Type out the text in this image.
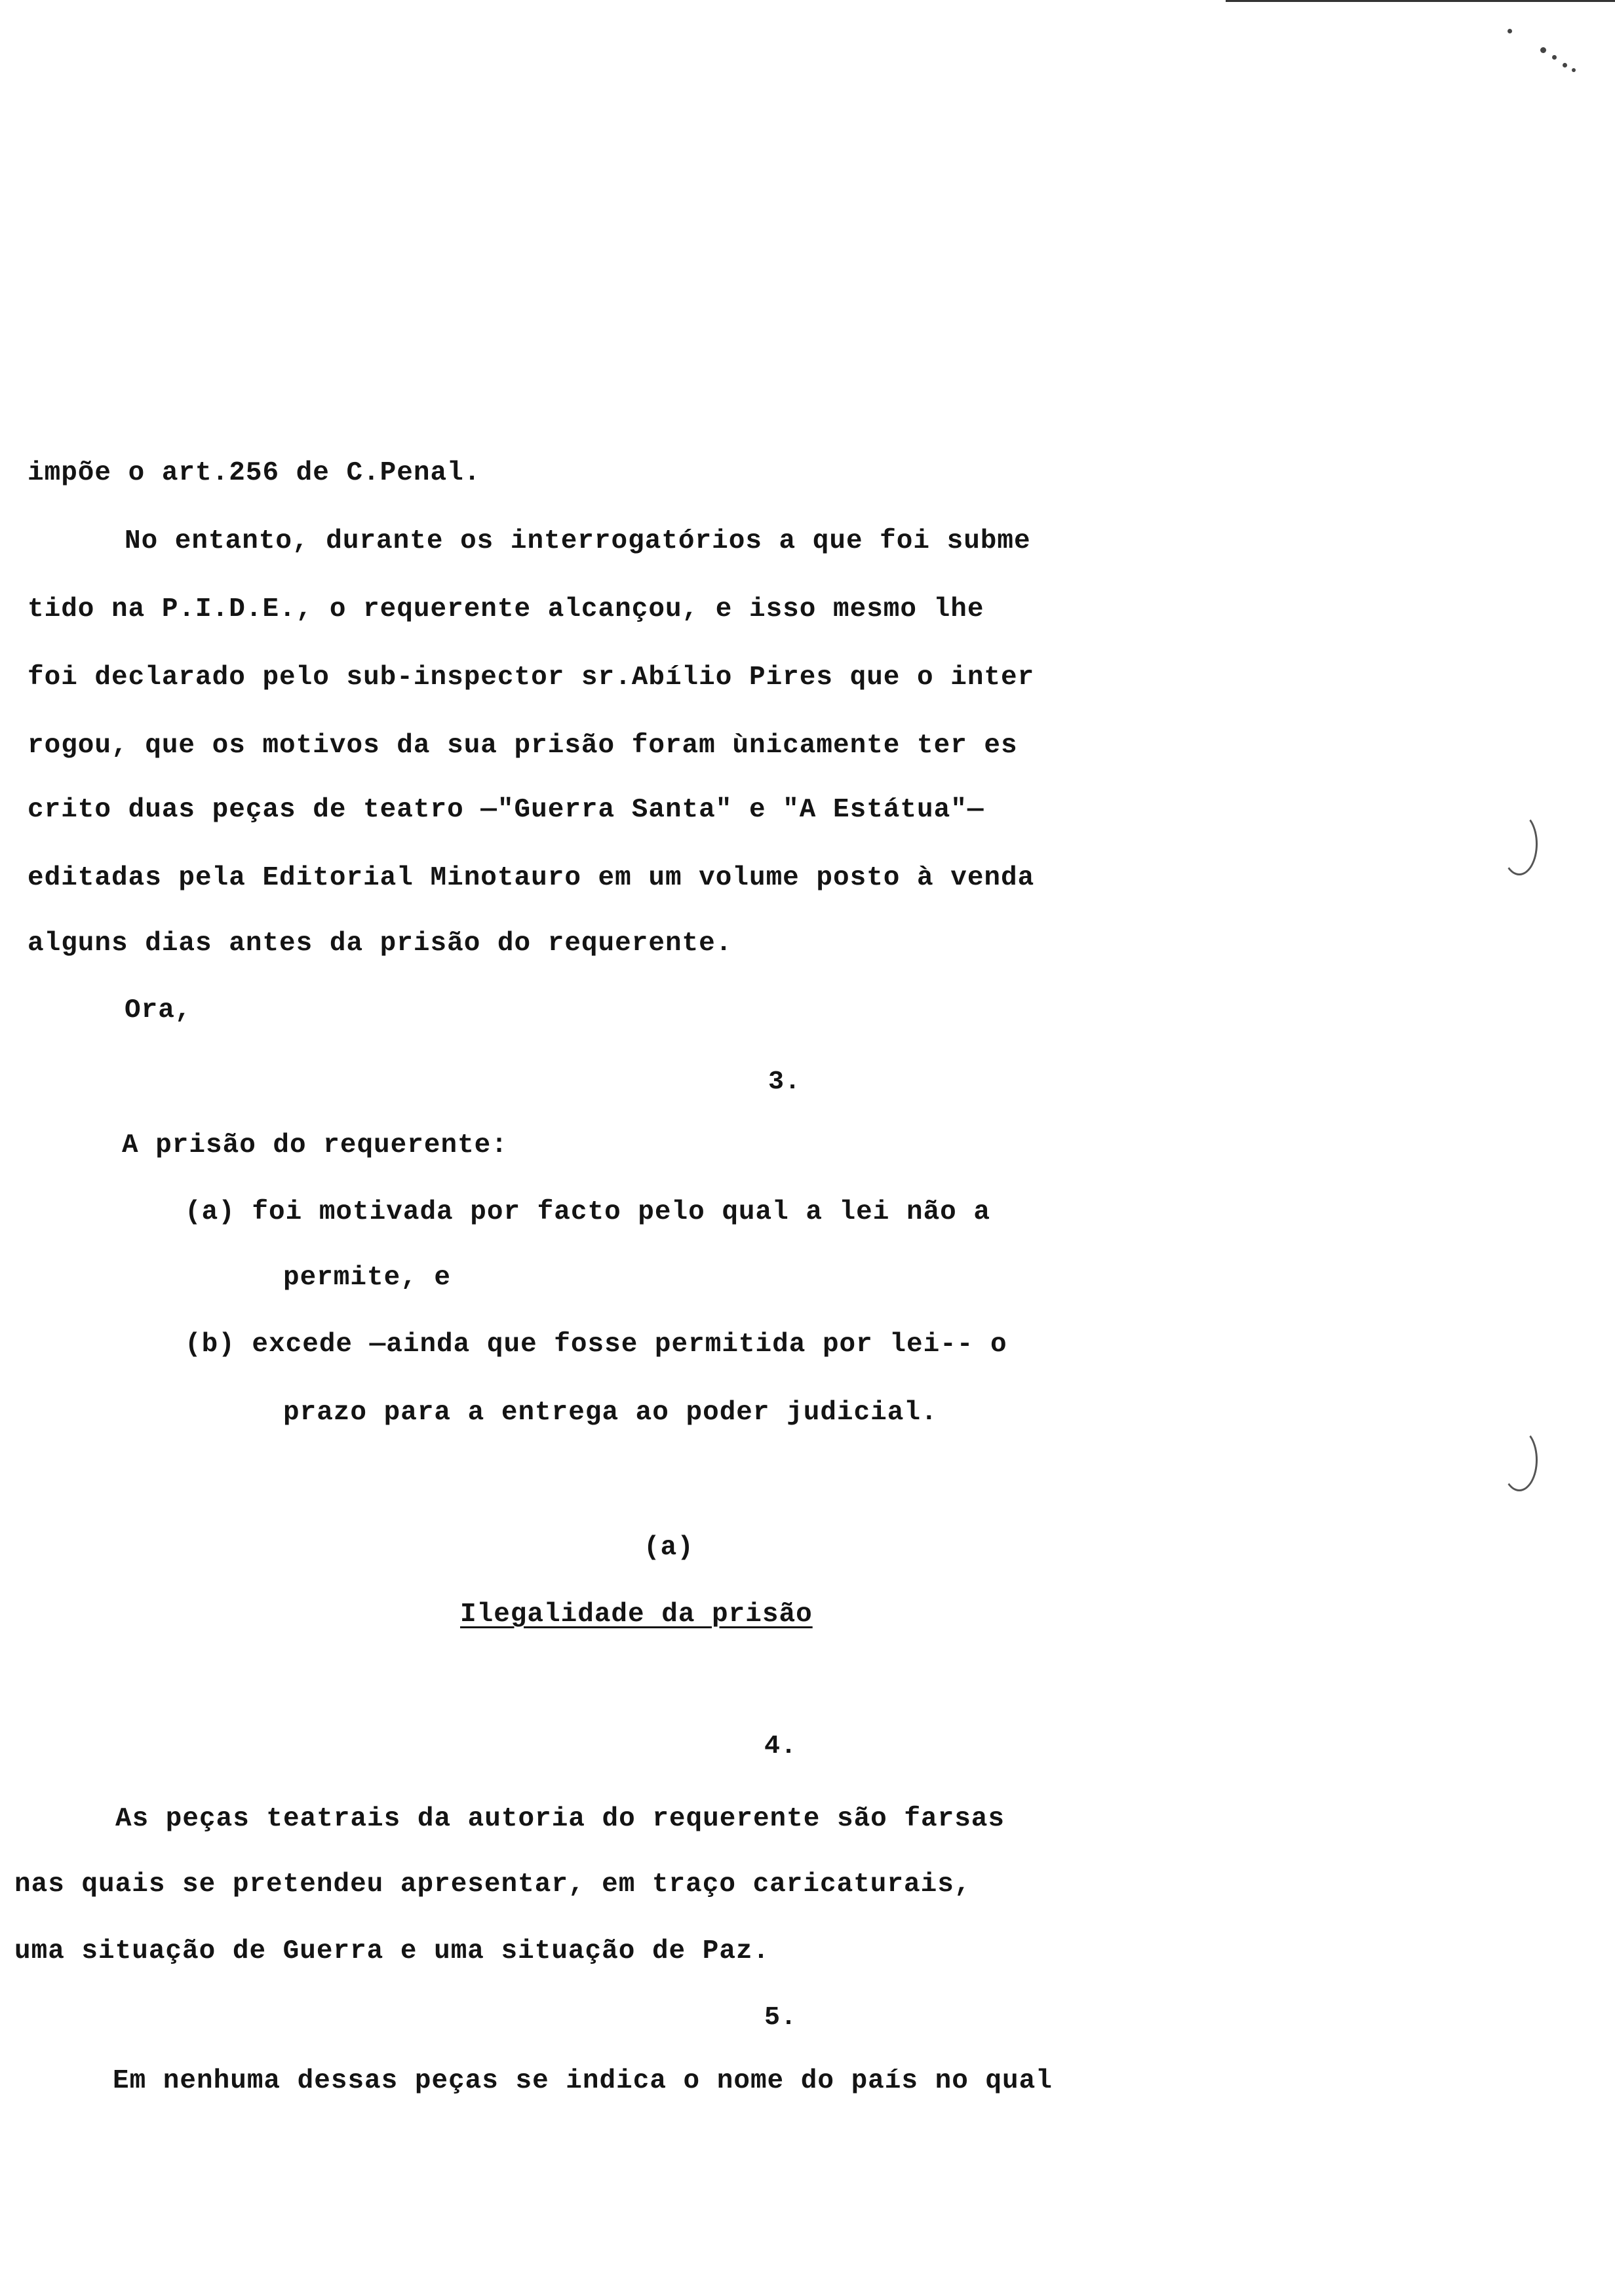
impõe o art.256 de C.Penal.
No entanto, durante os interrogatórios a que foi subme
tido na P.I.D.E., o requerente alcançou, e isso mesmo lhe
foi declarado pelo sub-inspector sr.Abílio Pires que o inter
rogou, que os motivos da sua prisão foram ùnicamente ter es
crito duas peças de teatro —"Guerra Santa" e "A Estátua"—
editadas pela Editorial Minotauro em um volume posto à venda
alguns dias antes da prisão do requerente.
Ora,
3.
A prisão do requerente:
(a) foi motivada por facto pelo qual a lei não a
permite, e
(b) excede —ainda que fosse permitida por lei-- o
prazo para a entrega ao poder judicial.
(a)
Ilegalidade da prisão
4.
As peças teatrais da autoria do requerente são farsas
nas quais se pretendeu apresentar, em traço caricaturais,
uma situação de Guerra e uma situação de Paz.
5.
Em nenhuma dessas peças se indica o nome do país no qual
